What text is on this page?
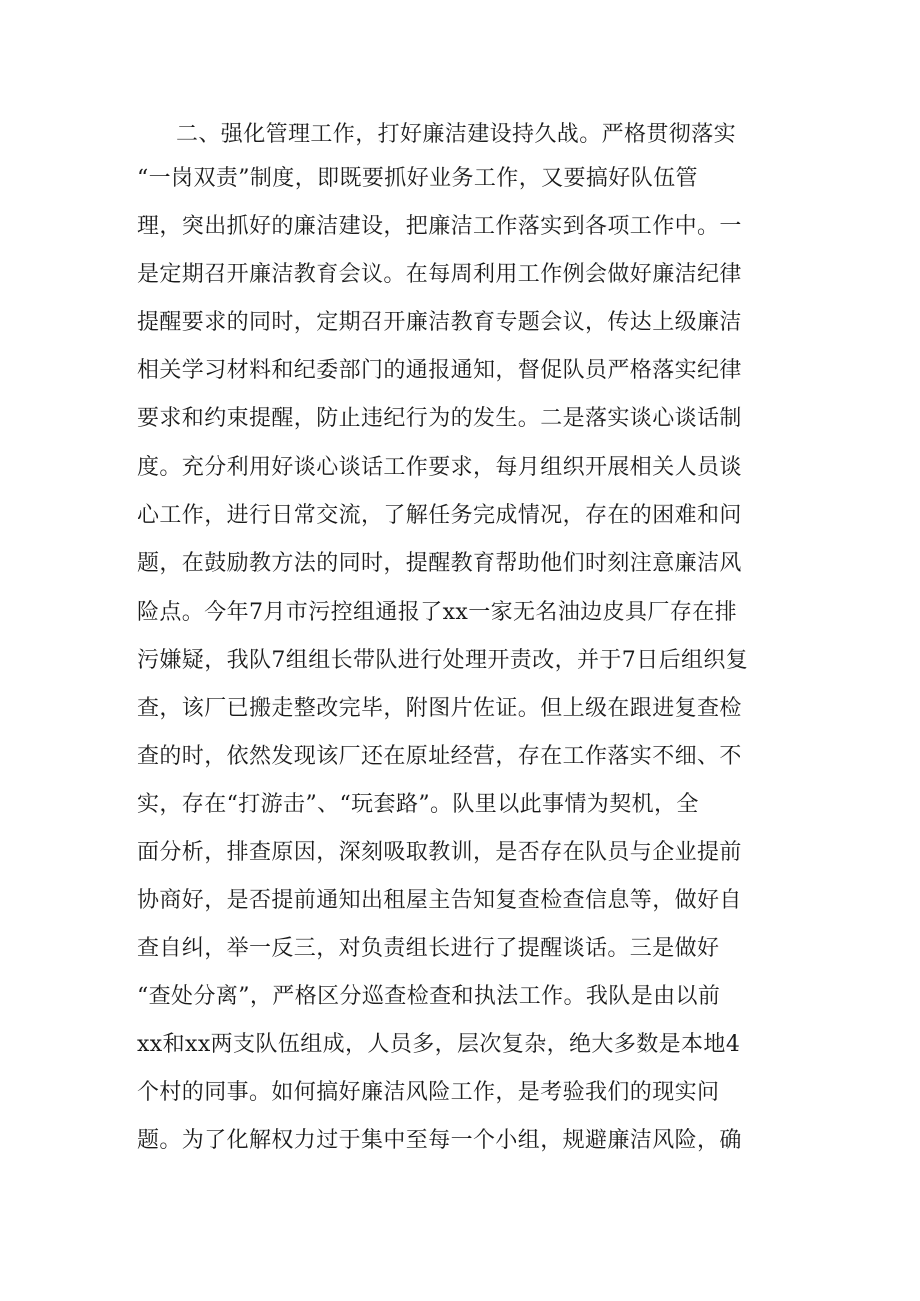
二、强化管理工作，打好廉洁建设持久战。严格贯彻落实
“一岗双责”制度，即既要抓好业务工作，又要搞好队伍管
理，突出抓好的廉洁建设，把廉洁工作落实到各项工作中。一
是定期召开廉洁教育会议。在每周利用工作例会做好廉洁纪律
提醒要求的同时，定期召开廉洁教育专题会议，传达上级廉洁
相关学习材料和纪委部门的通报通知，督促队员严格落实纪律
要求和约束提醒，防止违纪行为的发生。二是落实谈心谈话制
度。充分利用好谈心谈话工作要求，每月组织开展相关人员谈
心工作，进行日常交流，了解任务完成情况，存在的困难和问
题，在鼓励教方法的同时，提醒教育帮助他们时刻注意廉洁风
险点。今年7月市污控组通报了xx一家无名油边皮具厂存在排
污嫌疑，我队7组组长带队进行处理开责改，并于7日后组织复
查，该厂已搬走整改完毕，附图片佐证。但上级在跟进复查检
查的时，依然发现该厂还在原址经营，存在工作落实不细、不
实，存在“打游击”、“玩套路”。队里以此事情为契机，全
面分析，排查原因，深刻吸取教训，是否存在队员与企业提前
协商好，是否提前通知出租屋主告知复查检查信息等，做好自
查自纠，举一反三，对负责组长进行了提醒谈话。三是做好
“查处分离”，严格区分巡查检查和执法工作。我队是由以前
xx和xx两支队伍组成，人员多，层次复杂，绝大多数是本地4
个村的同事。如何搞好廉洁风险工作，是考验我们的现实问
题。为了化解权力过于集中至每一个小组，规避廉洁风险，确
